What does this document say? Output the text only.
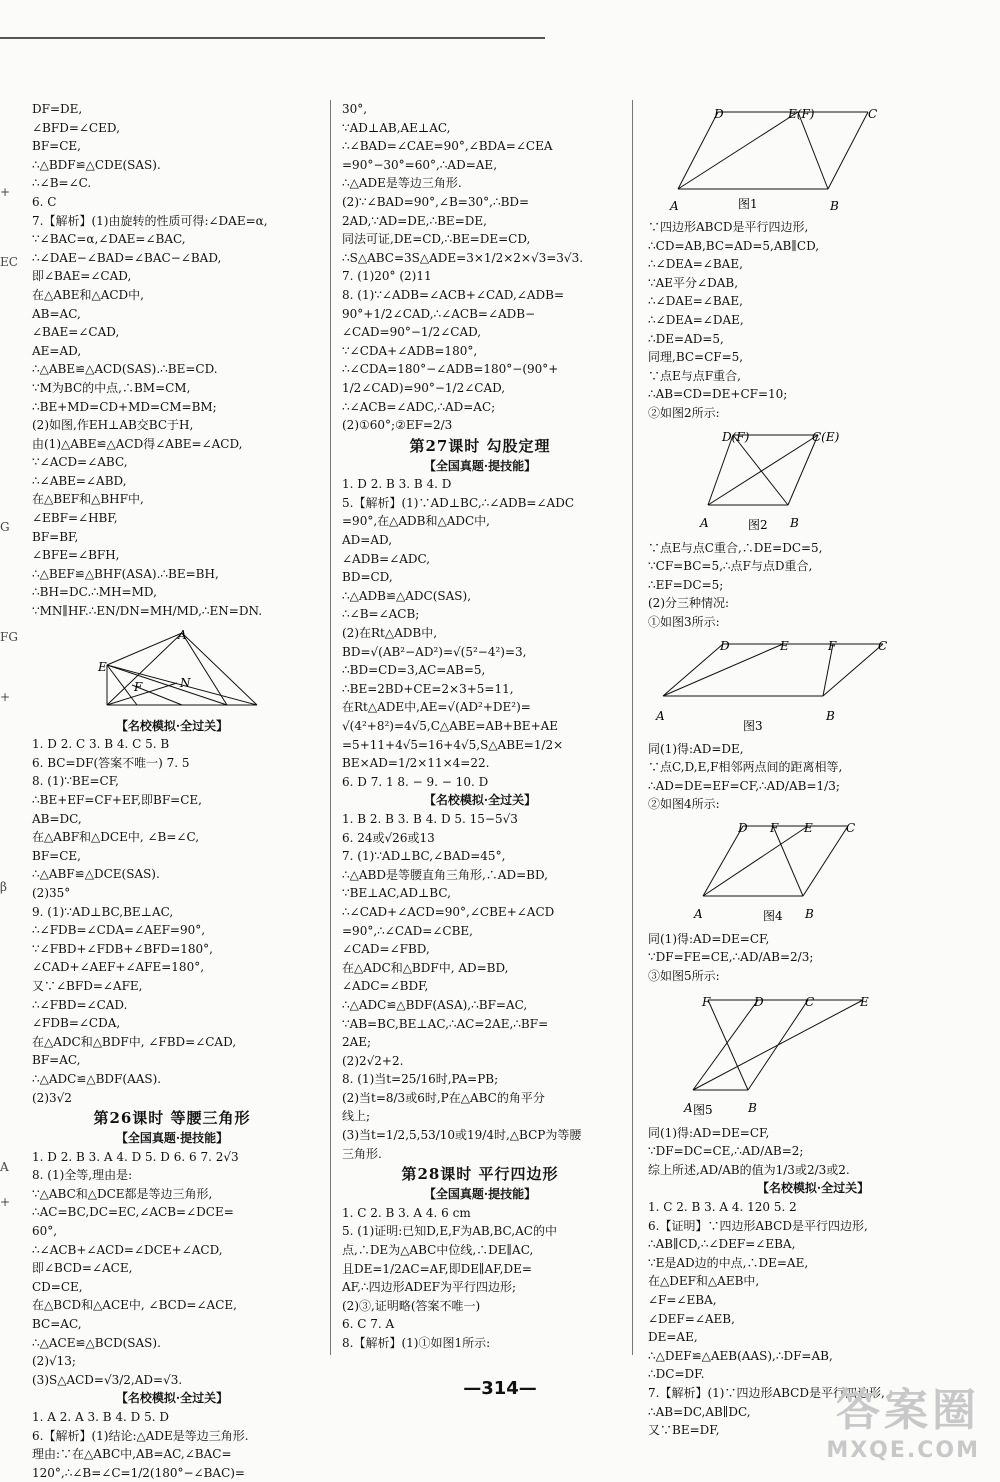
+
EC
G
FG
+
β
A
+
DF=DE,
∠BFD=∠CED,
BF=CE,
∴△BDF≌△CDE(SAS).
∴∠B=∠C.
6. C
7.【解析】(1)由旋转的性质可得:∠DAE=α,
∵∠BAC=α,∠DAE=∠BAC,
∴∠DAE−∠BAD=∠BAC−∠BAD,
即∠BAE=∠CAD,
在△ABE和△ACD中,
AB=AC,
∠BAE=∠CAD,
AE=AD,
∴△ABE≌△ACD(SAS).∴BE=CD.
∵M为BC的中点,∴BM=CM,
∴BE+MD=CD+MD=CM=BM;
(2)如图,作EH⊥AB交BC于H,
由(1)△ABE≌△ACD得∠ABE=∠ACD,
∵∠ACD=∠ABC,
∴∠ABE=∠ABD,
在△BEF和△BHF中,
∠EBF=∠HBF,
BF=BF,
∠BFE=∠BFH,
∴△BEF≌△BHF(ASA).∴BE=BH,
∴BH=DC.∴MH=MD,
∵MN∥HF.∴EN/DN=MH/MD,∴EN=DN.
A
E
F	N
【名校模拟·全过关】
1. D 2. C 3. B 4. C 5. B
6. BC=DF(答案不唯一) 7. 5
8. (1)∵BE=CF,
∴BE+EF=CF+EF,即BF=CE,
AB=DC,
在△ABF和△DCE中, ∠B=∠C,
BF=CE,
∴△ABF≌△DCE(SAS).
(2)35°
9. (1)∵AD⊥BC,BE⊥AC,
∴∠FDB=∠CDA=∠AEF=90°,
∵∠FBD+∠FDB+∠BFD=180°,
∠CAD+∠AEF+∠AFE=180°,
又∵∠BFD=∠AFE,
∴∠FBD=∠CAD.
∠FDB=∠CDA,
在△ADC和△BDF中, ∠FBD=∠CAD,
BF=AC,
∴△ADC≌△BDF(AAS).
(2)3√2
第26课时 等腰三角形
【全国真题·提技能】
1. D 2. B 3. A 4. D 5. D 6. 6 7. 2√3
8. (1)全等,理由是:
∵△ABC和△DCE都是等边三角形,
∴AC=BC,DC=EC,∠ACB=∠DCE=
60°,
∴∠ACB+∠ACD=∠DCE+∠ACD,
即∠BCD=∠ACE,
CD=CE,
在△BCD和△ACE中, ∠BCD=∠ACE,
BC=AC,
∴△ACE≌△BCD(SAS).
(2)√13;
(3)S△ACD=√3/2,AD=√3.
【名校模拟·全过关】
1. A 2. A 3. B 4. D 5. D
6.【解析】(1)结论:△ADE是等边三角形.
理由:∵在△ABC中,AB=AC,∠BAC=
120°,∴∠B=∠C=1/2(180°−∠BAC)=
30°,
∵AD⊥AB,AE⊥AC,
∴∠BAD=∠CAE=90°,∠BDA=∠CEA
=90°−30°=60°,∴AD=AE,
∴△ADE是等边三角形.
(2)∵∠BAD=90°,∠B=30°,∴BD=
2AD,∵AD=DE,∴BE=DE,
同法可证,DE=CD,∴BE=DE=CD,
∴S△ABC=3S△ADE=3×1/2×2×√3=3√3.
7. (1)20° (2)11
8. (1)∵∠ADB=∠ACB+∠CAD,∠ADB=
90°+1/2∠CAD,∴∠ACB=∠ADB−
∠CAD=90°−1/2∠CAD,
∵∠CDA+∠ADB=180°,
∴∠CDA=180°−∠ADB=180°−(90°+
1/2∠CAD)=90°−1/2∠CAD,
∴∠ACB=∠ADC,∴AD=AC;
(2)①60°;②EF=2/3
第27课时 勾股定理
【全国真题·提技能】
1. D 2. B 3. B 4. D
5.【解析】(1)∵AD⊥BC,∴∠ADB=∠ADC
=90°,在△ADB和△ADC中,
AD=AD,
∠ADB=∠ADC,
BD=CD,
∴△ADB≌△ADC(SAS),
∴∠B=∠ACB;
(2)在Rt△ADB中,
BD=√(AB²−AD²)=√(5²−4²)=3,
∴BD=CD=3,AC=AB=5,
∴BE=2BD+CE=2×3+5=11,
在Rt△ADE中,AE=√(AD²+DE²)=
√(4²+8²)=4√5,C△ABE=AB+BE+AE
=5+11+4√5=16+4√5,S△ABE=1/2×
BE×AD=1/2×11×4=22.
6. D 7. 1 8. − 9. − 10. D
【名校模拟·全过关】
1. B 2. B 3. B 4. D 5. 15−5√3
6. 24或√26或13
7. (1)∵AD⊥BC,∠BAD=45°,
∴△ABD是等腰直角三角形,∴AD=BD,
∵BE⊥AC,AD⊥BC,
∴∠CAD+∠ACD=90°,∠CBE+∠ACD
=90°,∴∠CAD=∠CBE,
∠CAD=∠FBD,
在△ADC和△BDF中, AD=BD,
∠ADC=∠BDF,
∴△ADC≌△BDF(ASA),∴BF=AC,
∵AB=BC,BE⊥AC,∴AC=2AE,∴BF=
2AE;
(2)2√2+2.
8. (1)当t=25/16时,PA=PB;
(2)当t=8/3或6时,P在△ABC的角平分
线上;
(3)当t=1/2,5,53/10或19/4时,△BCP为等腰
三角形.
第28课时 平行四边形
【全国真题·提技能】
1. C 2. B 3. A 4. 6 cm
5. (1)证明:已知D,E,F为AB,BC,AC的中
点,∴DE为△ABC中位线,∴DE∥AC,
且DE=1/2AC=AF,即DE∥AF,DE=
AF,∴四边形ADEF为平行四边形;
(2)③,证明略(答案不唯一)
6. C 7. A
8.【解析】(1)①如图1所示:
D	E(F)	C
A	B
图1
∵四边形ABCD是平行四边形,
∴CD=AB,BC=AD=5,AB∥CD,
∴∠DEA=∠BAE,
∵AE平分∠DAB,
∴∠DAE=∠BAE,
∴∠DEA=∠DAE,
∴DE=AD=5,
同理,BC=CF=5,
∵点E与点F重合,
∴AB=CD=DE+CF=10;
②如图2所示:
D(F)	C(E)
A	B
图2
∵点E与点C重合,∴DE=DC=5,
∵CF=BC=5,∴点F与点D重合,
∴EF=DC=5;
(2)分三种情况:
①如图3所示:
D	E	F	C
A	B
图3
同(1)得:AD=DE,
∵点C,D,E,F相邻两点间的距离相等,
∴AD=DE=EF=CF,∴AD/AB=1/3;
②如图4所示:
D F E	C
A	B
图4
同(1)得:AD=DE=CF,
∵DF=FE=CE,∴AD/AB=2/3;
③如图5所示:
F	D	C	E
A	B
图5
同(1)得:AD=DE=CF,
∵DF=DC=CE,∴AD/AB=2;
综上所述,AD/AB的值为1/3或2/3或2.
【名校模拟·全过关】
1. C 2. B 3. A 4. 120 5. 2
6.【证明】∵四边形ABCD是平行四边形,
∴AB∥CD,∴∠DEF=∠EBA,
∵E是AD边的中点,∴DE=AE,
在△DEF和△AEB中,
∠F=∠EBA,
∠DEF=∠AEB,
DE=AE,
∴△DEF≌△AEB(AAS),∴DF=AB,
∴DC=DF.
7.【解析】(1)∵四边形ABCD是平行四边形,
∴AB=DC,AB∥DC,
又∵BE=DF,
—314—	答案圈
MXQE.COM
